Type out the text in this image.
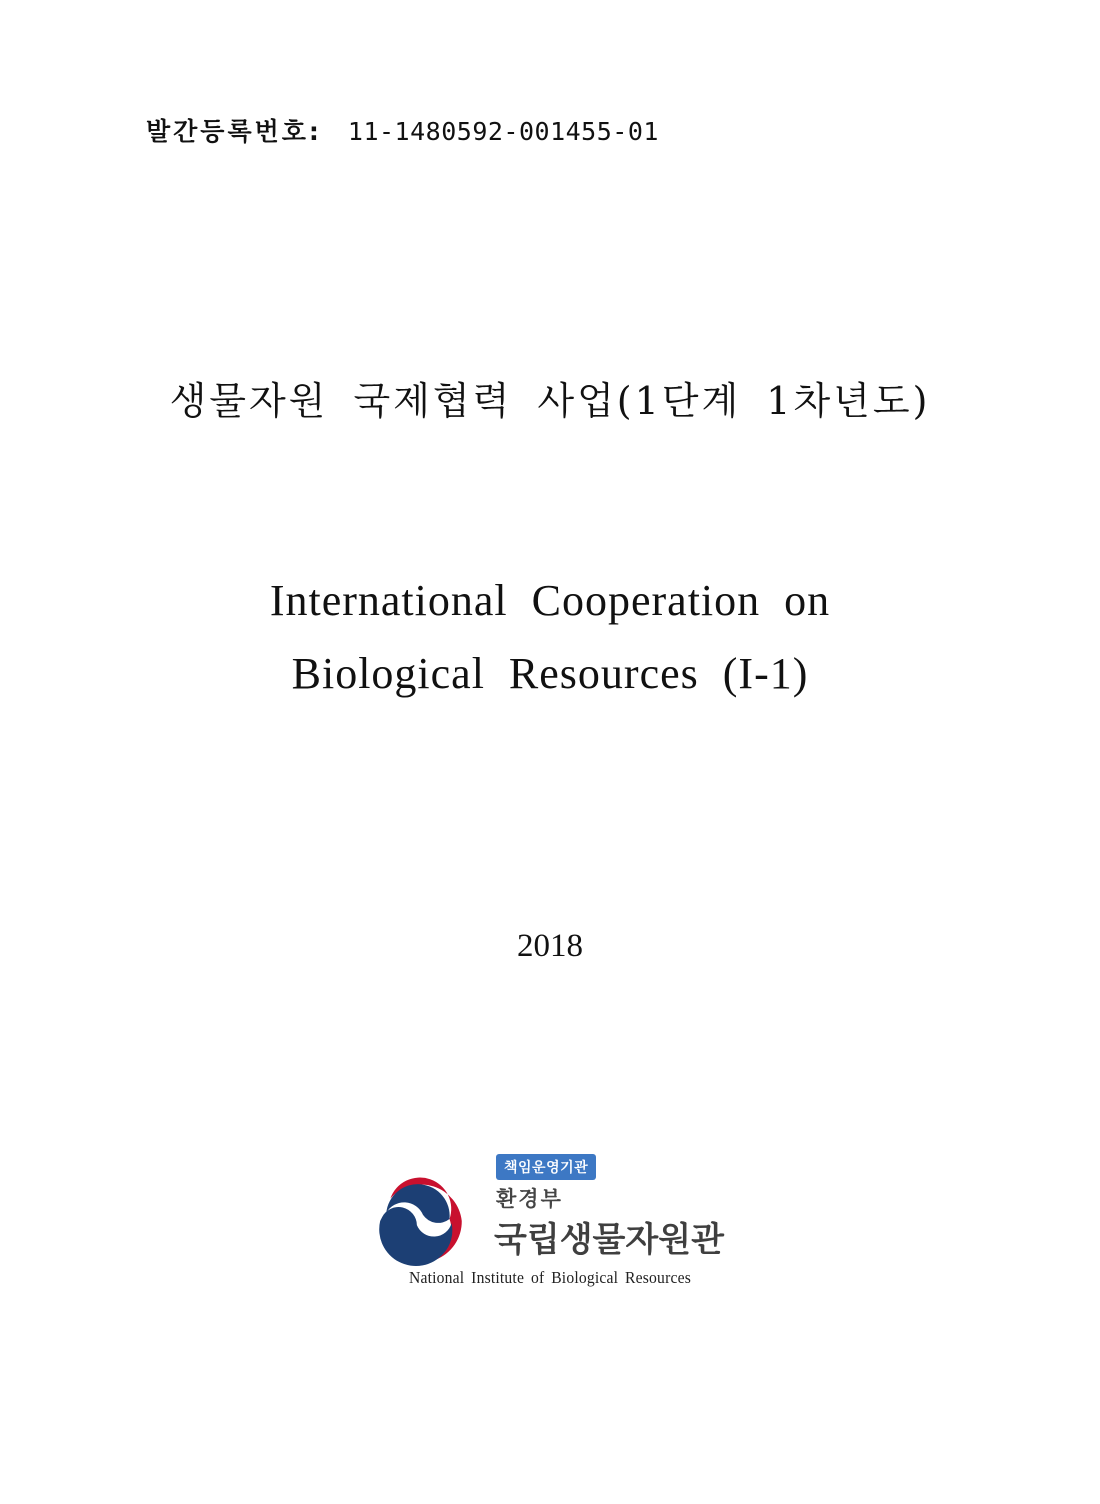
발간등록번호: 11-1480592-001455-01
생물자원 국제협력 사업(1단계 1차년도)
International Cooperation on
Biological Resources (I-1)
2018
책임운영기관
환경부
국립생물자원관
National Institute of Biological Resources
